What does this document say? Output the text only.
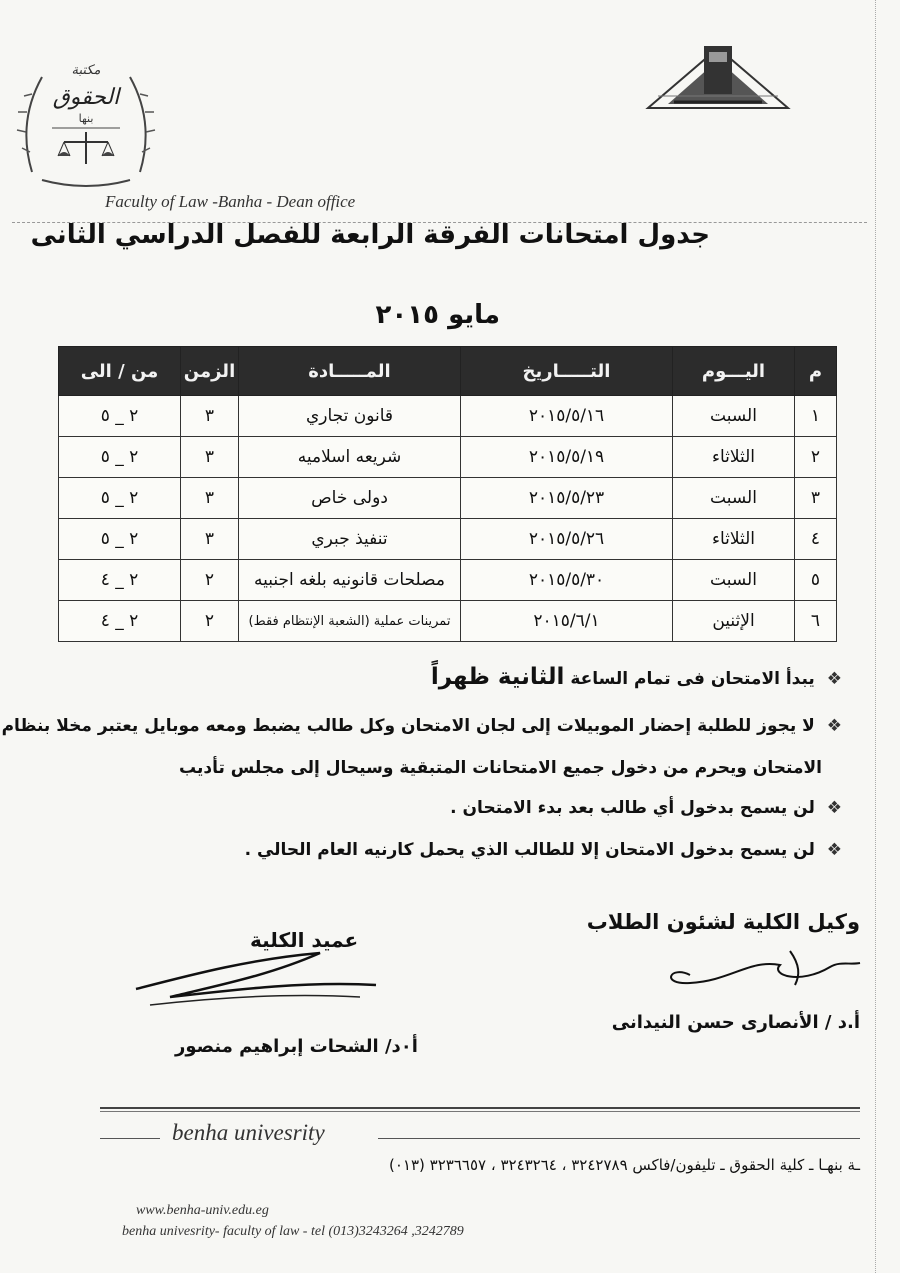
مكتبة
الحقوق
بنها
Faculty of Law -Banha - Dean office
جدول امتحانات الفرقة الرابعة للفصل الدراسي الثانى
مايو ٢٠١٥
م	اليـــوم	التـــــاريخ	المـــــادة	الزمن	من / الى
١	السبت	٢٠١٥/٥/١٦	قانون تجاري	٣	٢ _ ٥
٢	الثلاثاء	٢٠١٥/٥/١٩	شريعه اسلاميه	٣	٢ _ ٥
٣	السبت	٢٠١٥/٥/٢٣	دولى خاص	٣	٢ _ ٥
٤	الثلاثاء	٢٠١٥/٥/٢٦	تنفيذ جبري	٣	٢ _ ٥
٥	السبت	٢٠١٥/٥/٣٠	مصلحات قانونيه بلغه اجنبيه	٢	٢ _ ٤
٦	الإثنين	٢٠١٥/٦/١	تمرينات عملية (الشعبة الإنتظام فقط)	٢	٢ _ ٤
❖ يبدأ الامتحان فى تمام الساعة الثانية ظهراً
❖ لا يجوز للطلبة إحضار الموبيلات إلى لجان الامتحان وكل طالب يضبط ومعه موبايل يعتبر مخلا بنظام
الامتحان ويحرم من دخول جميع الامتحانات المتبقية وسيحال إلى مجلس تأديب
❖ لن يسمح بدخول أي طالب بعد بدء الامتحان .
❖ لن يسمح بدخول الامتحان إلا للطالب الذي يحمل كارنيه العام الحالي .
وكيل الكلية لشئون الطلاب
عميد الكلية
أ.د / الأنصارى حسن النيدانى
أ٠د/ الشحات إبراهيم منصور
benha univesrity
ـة بنهـا ـ كلية الحقوق ـ تليفون/فاكس ٣٢٤٢٧٨٩ ، ٣٢٤٣٢٦٤ ، ٣٢٣٦٦٥٧ (٠١٣)
www.benha-univ.edu.eg
benha univesrity- faculty of law - tel (013)3243264 ,3242789
